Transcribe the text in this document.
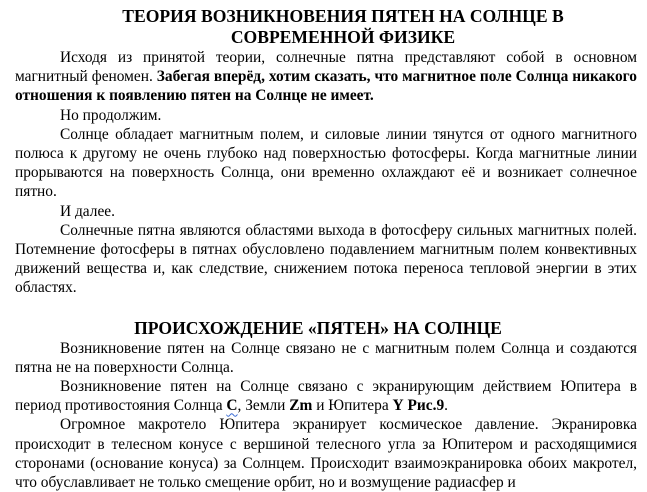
ТЕОРИЯ ВОЗНИКНОВЕНИЯ ПЯТЕН НА СОЛНЦЕ В СОВРЕМЕННОЙ ФИЗИКЕ

Исходя из принятой теории, солнечные пятна представляют собой в основном магнитный феномен. Забегая вперёд, хотим сказать, что магнитное поле Солнца никакого отношения к появлению пятен на Солнце не имеет.

Но продолжим.

Солнце обладает магнитным полем, и силовые линии тянутся от одного магнитного полюса к другому не очень глубоко над поверхностью фотосферы. Когда магнитные линии прорываются на поверхность Солнца, они временно охлаждают её и возникает солнечное пятно.

И далее.

Солнечные пятна являются областями выхода в фотосферу сильных магнитных полей. Потемнение фотосферы в пятнах обусловлено подавлением магнитным полем конвективных движений вещества и, как следствие, снижением потока переноса тепловой энергии в этих областях.

ПРОИСХОЖДЕНИЕ «ПЯТЕН» НА СОЛНЦЕ

Возникновение пятен на Солнце связано не с магнитным полем Солнца и создаются пятна не на поверхности Солнца.

Возникновение пятен на Солнце связано с экранирующим действием Юпитера в период противостояния Солнца С, Земли Zm и Юпитера Y Рис.9.

Огромное макротело Юпитера экранирует космическое давление. Экранировка происходит в телесном конусе с вершиной телесного угла за Юпитером и расходящимися сторонами (основание конуса) за Солнцем. Происходит взаимоэкранировка обоих макротел, что обуславливает не только смещение орбит, но и возмущение радиасфер и
